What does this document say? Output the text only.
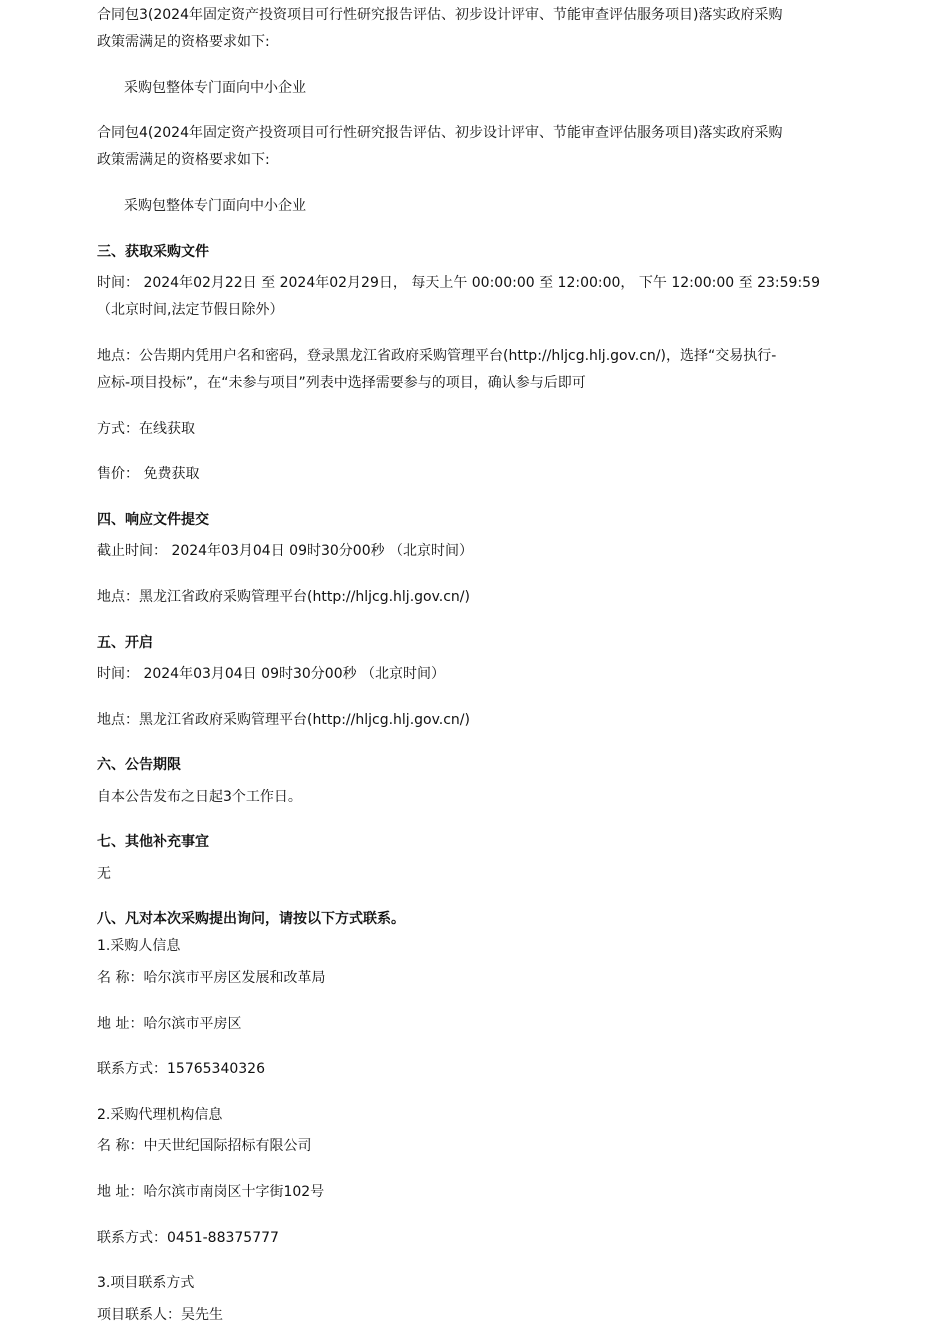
合同包3(2024年固定资产投资项目可行性研究报告评估、初步设计评审、节能审查评估服务项目)落实政府采购
政策需满足的资格要求如下:
采购包整体专门面向中小企业
合同包4(2024年固定资产投资项目可行性研究报告评估、初步设计评审、节能审查评估服务项目)落实政府采购
政策需满足的资格要求如下:
采购包整体专门面向中小企业
三、获取采购文件
时间： 2024年02月22日 至 2024年02月29日， 每天上午 00:00:00 至 12:00:00， 下午 12:00:00 至 23:59:59
（北京时间,法定节假日除外）
地点：公告期内凭用户名和密码，登录黑龙江省政府采购管理平台(http://hljcg.hlj.gov.cn/)，选择“交易执行-
应标-项目投标”，在“未参与项目”列表中选择需要参与的项目，确认参与后即可
方式：在线获取
售价： 免费获取
四、响应文件提交
截止时间： 2024年03月04日 09时30分00秒 （北京时间）
地点：黑龙江省政府采购管理平台(http://hljcg.hlj.gov.cn/)
五、开启
时间： 2024年03月04日 09时30分00秒 （北京时间）
地点：黑龙江省政府采购管理平台(http://hljcg.hlj.gov.cn/)
六、公告期限
自本公告发布之日起3个工作日。
七、其他补充事宜
无
八、凡对本次采购提出询问，请按以下方式联系。
1.采购人信息
名 称：哈尔滨市平房区发展和改革局
地 址：哈尔滨市平房区
联系方式：15765340326
2.采购代理机构信息
名 称：中天世纪国际招标有限公司
地 址：哈尔滨市南岗区十字街102号
联系方式：0451-88375777
3.项目联系方式
项目联系人：吴先生
